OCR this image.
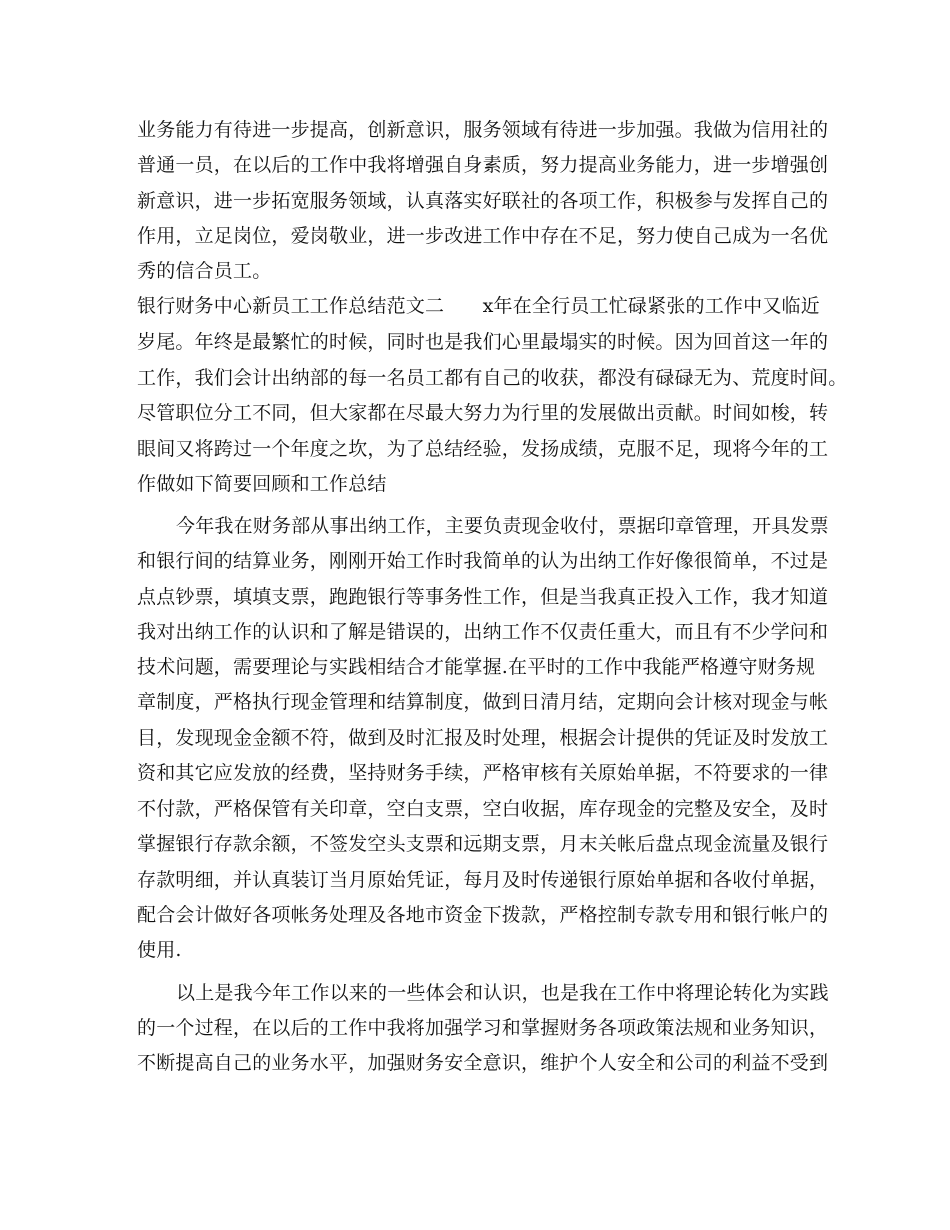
业务能力有待进一步提高，创新意识，服务领域有待进一步加强。我做为信用社的
普通一员，在以后的工作中我将增强自身素质，努力提高业务能力，进一步增强创
新意识，进一步拓宽服务领域，认真落实好联社的各项工作，积极参与发挥自己的
作用，立足岗位，爱岗敬业，进一步改进工作中存在不足，努力使自己成为一名优
秀的信合员工。
银行财务中心新员工工作总结范文二　　x年在全行员工忙碌紧张的工作中又临近
岁尾。年终是最繁忙的时候，同时也是我们心里最塌实的时候。因为回首这一年的
工作，我们会计出纳部的每一名员工都有自己的收获，都没有碌碌无为、荒度时间。
尽管职位分工不同，但大家都在尽最大努力为行里的发展做出贡献。时间如梭，转
眼间又将跨过一个年度之坎，为了总结经验，发扬成绩，克服不足，现将今年的工
作做如下简要回顾和工作总结
今年我在财务部从事出纳工作，主要负责现金收付，票据印章管理，开具发票
和银行间的结算业务，刚刚开始工作时我简单的认为出纳工作好像很简单，不过是
点点钞票，填填支票，跑跑银行等事务性工作，但是当我真正投入工作，我才知道
我对出纳工作的认识和了解是错误的，出纳工作不仅责任重大，而且有不少学问和
技术问题，需要理论与实践相结合才能掌握.在平时的工作中我能严格遵守财务规
章制度，严格执行现金管理和结算制度，做到日清月结，定期向会计核对现金与帐
目，发现现金金额不符，做到及时汇报及时处理，根据会计提供的凭证及时发放工
资和其它应发放的经费，坚持财务手续，严格审核有关原始单据，不符要求的一律
不付款，严格保管有关印章，空白支票，空白收据，库存现金的完整及安全，及时
掌握银行存款余额，不签发空头支票和远期支票，月末关帐后盘点现金流量及银行
存款明细，并认真装订当月原始凭证，每月及时传递银行原始单据和各收付单据，
配合会计做好各项帐务处理及各地市资金下拨款，严格控制专款专用和银行帐户的
使用.
以上是我今年工作以来的一些体会和认识，也是我在工作中将理论转化为实践
的一个过程，在以后的工作中我将加强学习和掌握财务各项政策法规和业务知识，
不断提高自己的业务水平，加强财务安全意识，维护个人安全和公司的利益不受到
